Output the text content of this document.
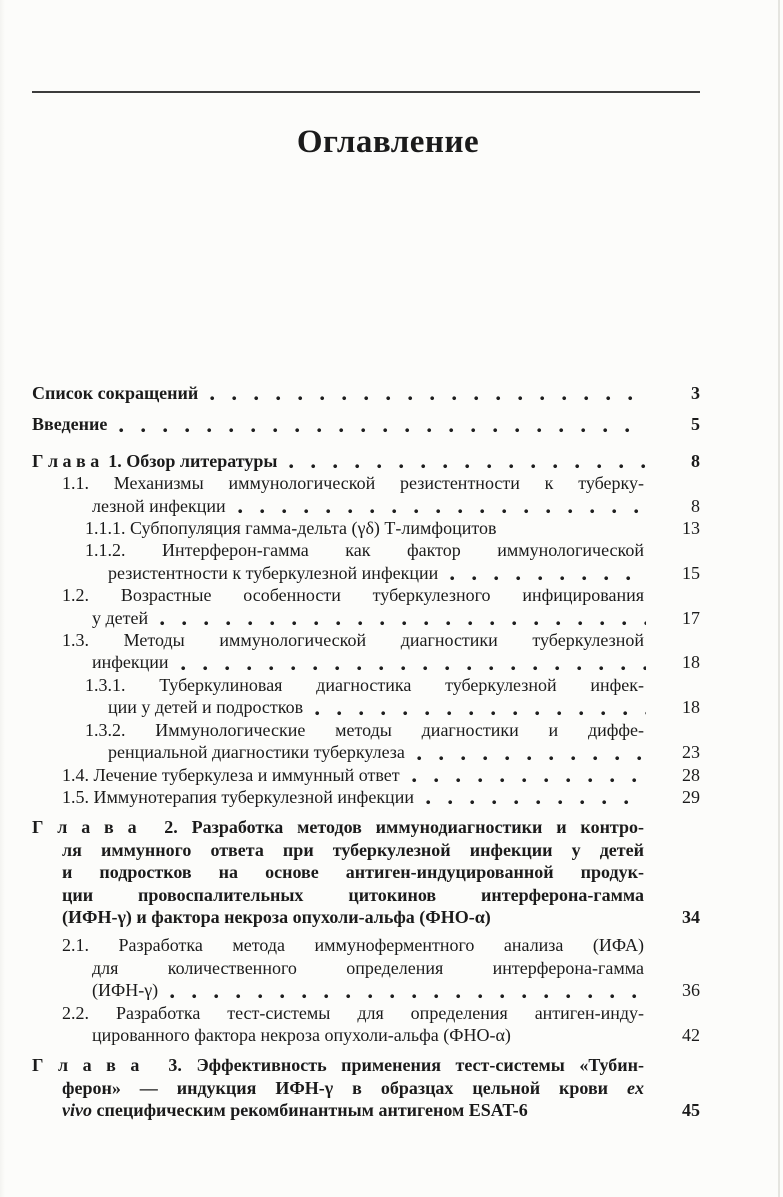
Оглавление
Список сокращений	3
Введение	5
Г л а в а  1. Обзор литературы	8
1.1. Механизмы иммунологической резистентности к туберку-
лезной инфекции	8
1.1.1. Субпопуляция гамма-дельта (γδ) Т-лимфоцитов	13
1.1.2. Интерферон-гамма как фактор иммунологической
резистентности к туберкулезной инфекции	15
1.2. Возрастные особенности туберкулезного инфицирования
у детей	17
1.3. Методы иммунологической диагностики туберкулезной
инфекции	18
1.3.1. Туберкулиновая диагностика туберкулезной инфек-
ции у детей и подростков	18
1.3.2. Иммунологические методы диагностики и диффе-
ренциальной диагностики туберкулеза	23
1.4. Лечение туберкулеза и иммунный ответ	28
1.5. Иммунотерапия туберкулезной инфекции	29
Г л а в а  2. Разработка методов иммунодиагностики и контро-
ля иммунного ответа при туберкулезной инфекции у детей
и подростков на основе антиген-индуцированной продук-
ции провоспалительных цитокинов интерферона-гамма
(ИФН-γ) и фактора некроза опухоли-альфа (ФНО-α)	34
2.1. Разработка метода иммуноферментного анализа (ИФА)
для количественного определения интерферона-гамма
(ИФН-γ)	36
2.2. Разработка тест-системы для определения антиген-инду-
цированного фактора некроза опухоли-альфа (ФНО-α)	42
Г л а в а  3. Эффективность применения тест-системы «Тубин-
ферон» — индукция ИФН-γ в образцах цельной крови ex
vivo специфическим рекомбинантным антигеном ESAT-6	45
